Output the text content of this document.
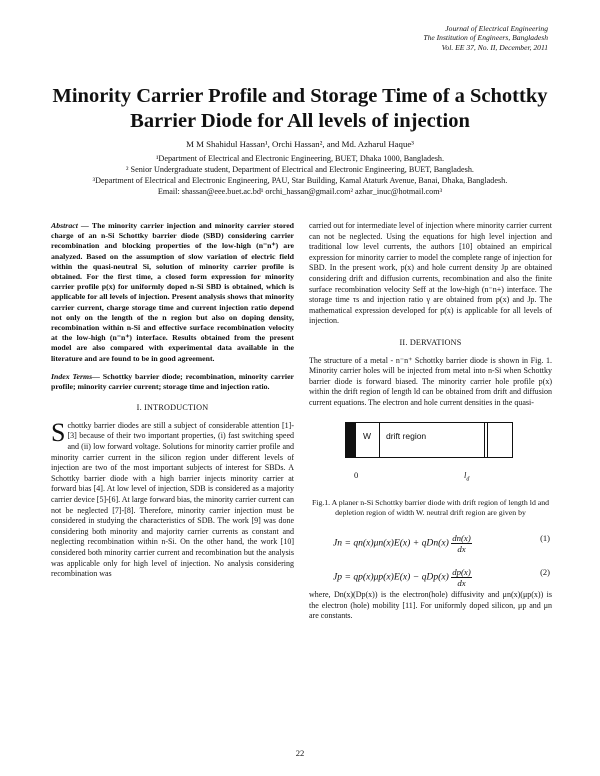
Journal of Electrical Engineering
The Institution of Engineers, Bangladesh
Vol. EE 37, No. II, December, 2011
Minority Carrier Profile and Storage Time of a Schottky Barrier Diode for All levels of injection
M M Shahidul Hassan¹, Orchi Hassan², and Md. Azharul Haque³
¹Department of Electrical and Electronic Engineering, BUET, Dhaka 1000, Bangladesh.
² Senior Undergraduate student, Department of Electrical and Electronic Engineering, BUET, Bangladesh.
³Department of Electrical and Electronic Engineering, PAU, Star Building, Kamal Ataturk Avenue, Banai, Dhaka, Bangladesh.
Email: shassan@eee.buet.ac.bd¹ orchi_hassan@gmail.com² azhar_inuc@hotmail.com³

Abstract — The minority carrier injection and minority carrier stored charge of an n-Si Schottky barrier diode (SBD) considering carrier recombination and blocking properties of the low-high (n⁻n⁺) are analyzed. Based on the assumption of slow variation of electric field within the quasi-neutral Si, solution of minority carrier profile is obtained. For the first time, a closed form expression for minority carrier profile p(x) for uniformly doped n-Si SBD is obtained, which is applicable for all levels of injection. Present analysis shows that minority carrier current, charge storage time and current injection ratio depend not only on the length of the n region but also on doping density, recombination within n-Si and effective surface recombination velocity at the low-high (n⁻n⁺) interface. Results obtained from the present model are also compared with experimental data available in the literature and are found to be in good agreement.

Index Terms— Schottky barrier diode; recombination, minority carrier profile; minority carrier current; storage time and injection ratio.

I. INTRODUCTION

Schottky barrier diodes are still a subject of considerable attention [1]-[3] because of their two important properties, (i) fast switching speed and (ii) low forward voltage. Solutions for minority carrier profile and minority carrier current in the silicon region under different levels of injection are two of the most important subjects of interest for SBDs. A Schottky barrier diode with a high barrier injects minority carrier at forward bias [4]. At low level of injection, SDB is considered as a majority carrier device [5]-[6]. At large forward bias, the minority carrier current can not be neglected [7]-[8]. Therefore, minority carrier injection must be considered in studying the characteristics of SDB. The work [9] was done considering both minority and majority carrier currents as constant and neglecting recombination within n-Si. On the other hand, the work [10] considered both minority carrier current and recombination but the analysis was applicable only for high level of injection. No analysis considering recombination was

carried out for intermediate level of injection where minority carrier current can not be neglected. Using the equations for high level injection and traditional low level currents, the authors [10] obtained an empirical expression for minority carrier to model the complete range of injection for SBD. In the present work, p(x) and hole current density Jp are obtained considering drift and diffusion currents, recombination and also the finite surface recombination velocity Seff at the low-high (n⁻n+) interface. The storage time τs and injection ratio γ are obtained from p(x) and Jp. The mathematical expression developed for p(x) is applicable for all levels of injection.

II. DERVATIONS

The structure of a metal - n⁻n⁺ Schottky barrier diode is shown in Fig. 1. Minority carrier holes will be injected from metal into n-Si when Schottky barrier diode is forward biased. The minority carrier hole profile p(x) within the drift region of length ld can be obtained from drift and diffusion current equations. The electron and hole current densities in the quasi-

W drift region
0	$l_d$
Fig.1. A planer n-Si Schottky barrier diode with drift region of length ld and depletion region of width W. neutral drift region are given by
$Jn = qn(x)\mu n(x)E(x) + qDn(x) \frac{dn(x)}{dx}$	(1)
$Jp = qp(x)\mu p(x)E(x) - qDp(x) \frac{dp(x)}{dx}$	(2)

where, Dn(x)(Dp(x)) is the electron(hole) diffusivity and μn(x)(μp(x)) is the electron (hole) mobility [11]. For uniformly doped silicon, μp and μn are constants.

22
